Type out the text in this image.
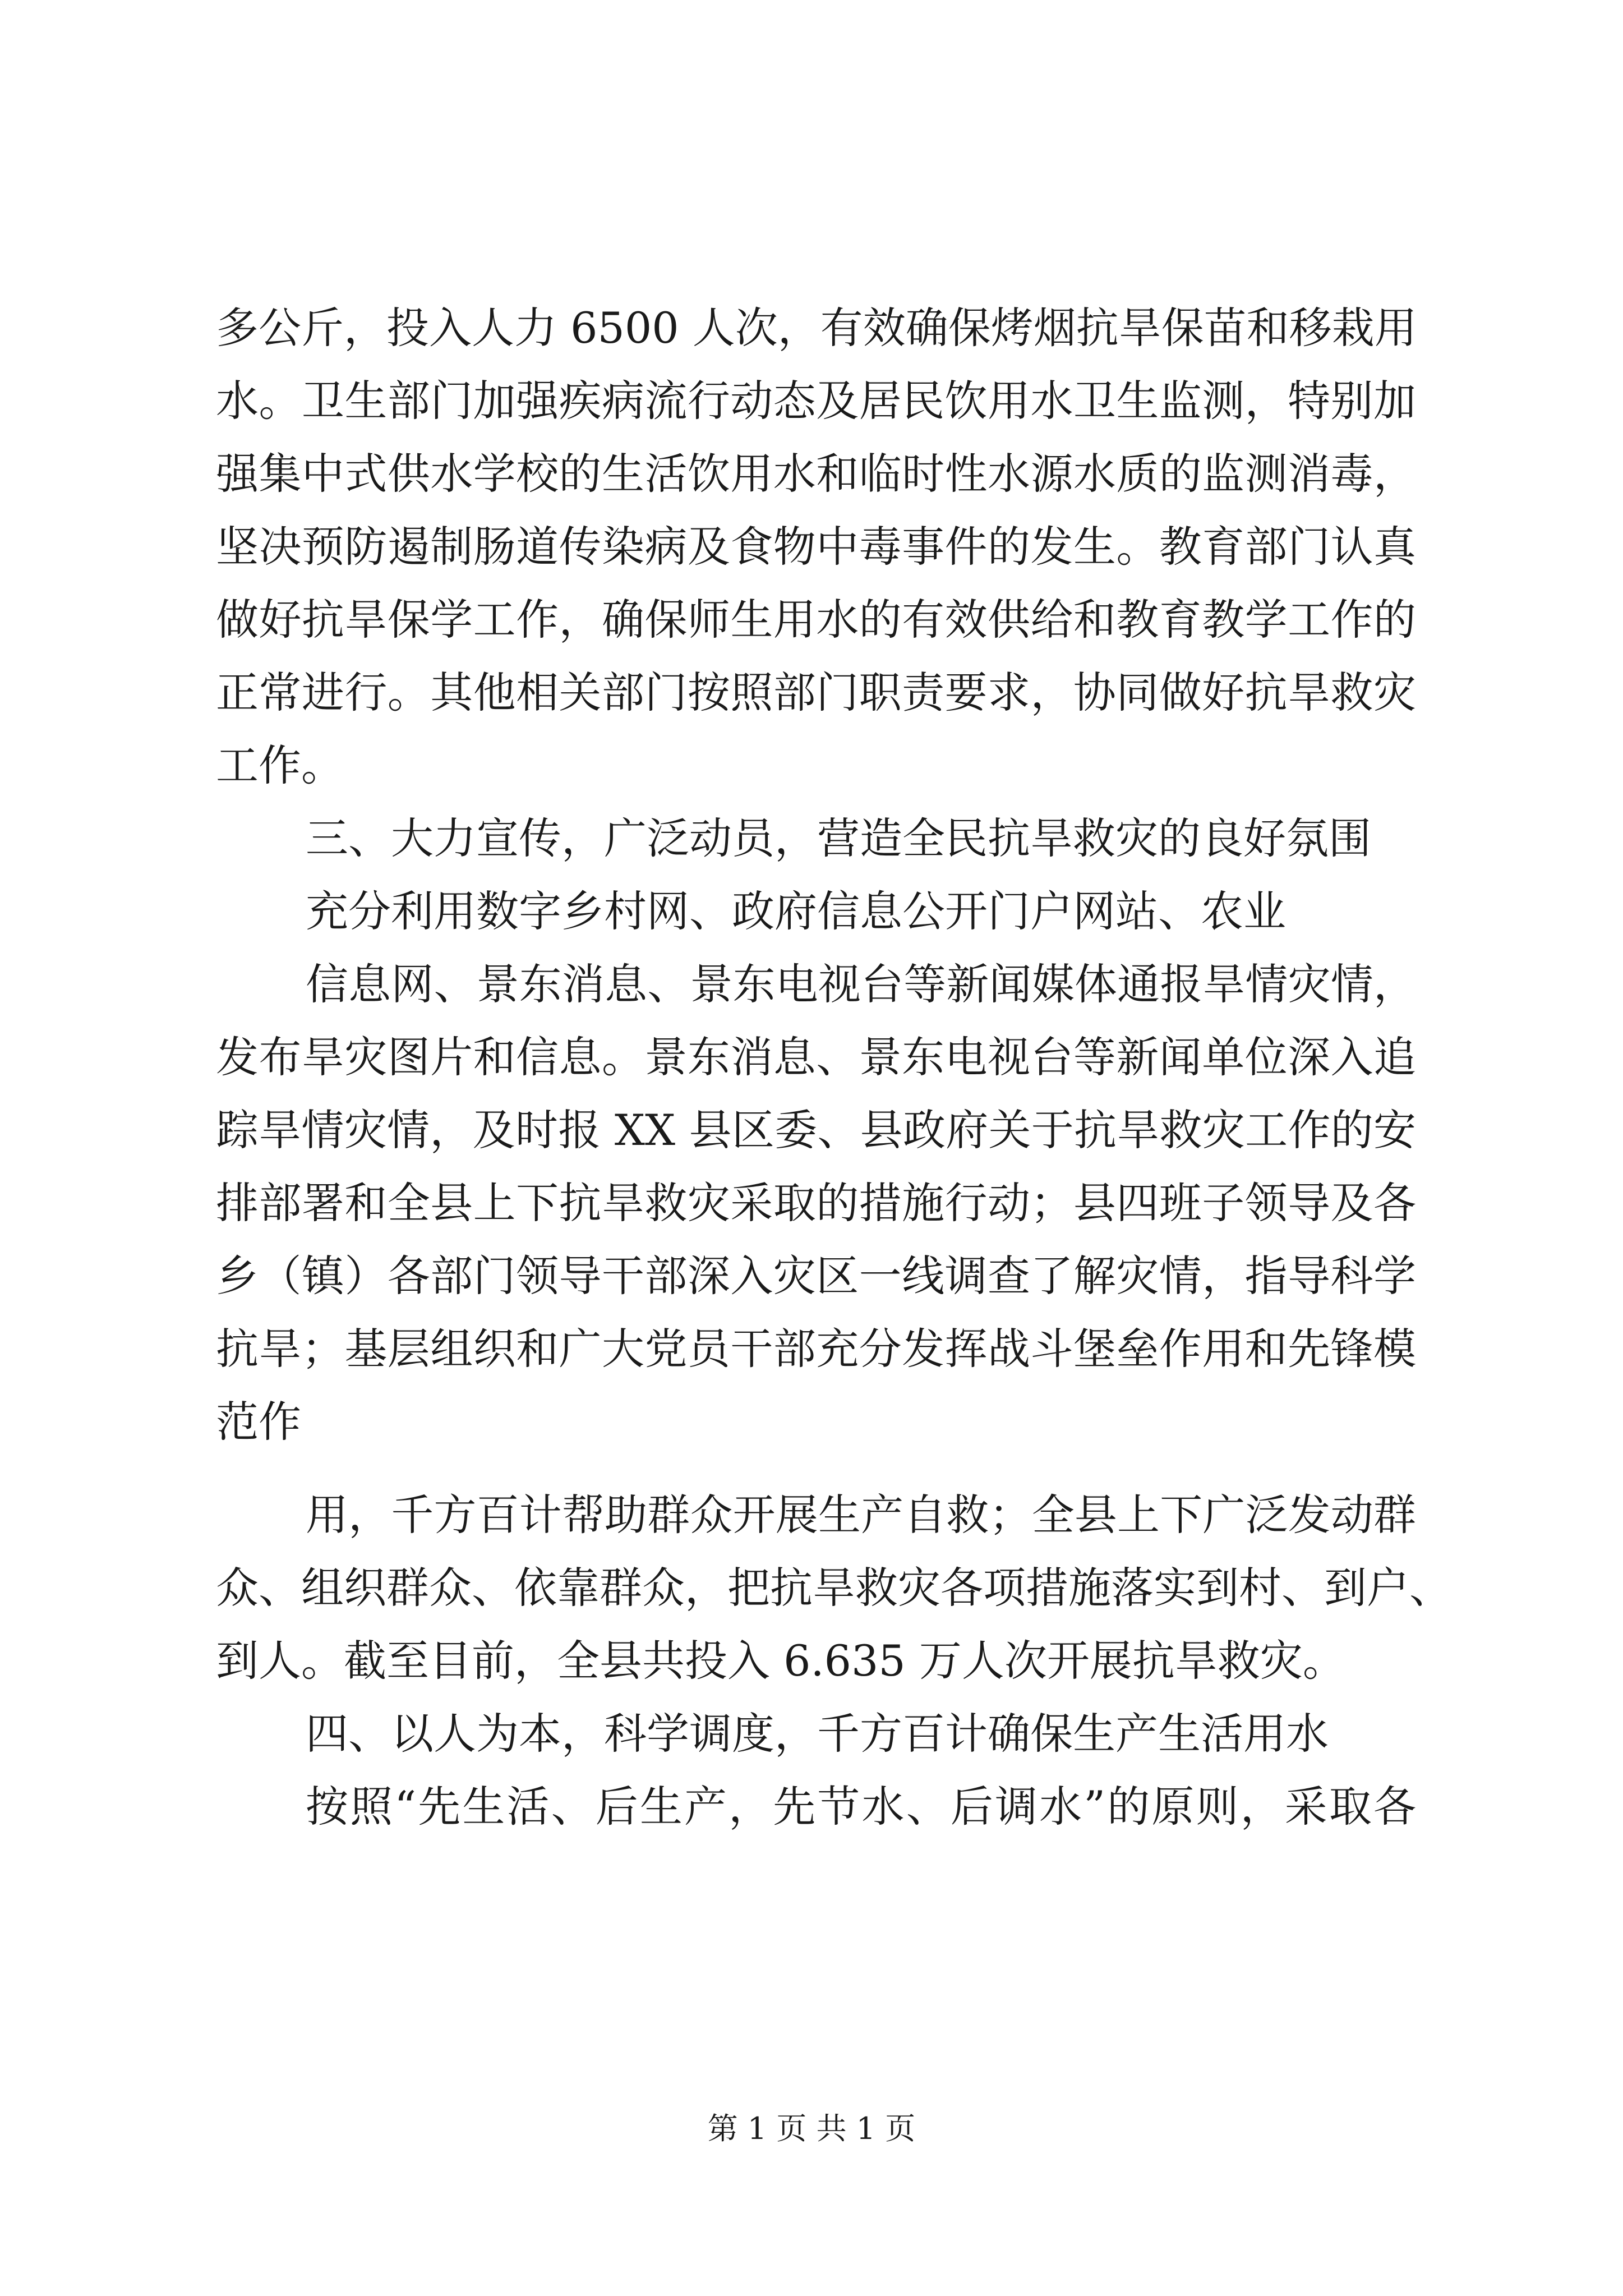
多公斤，投入人力 6500 人次，有效确保烤烟抗旱保苗和移栽用
水。卫生部门加强疾病流行动态及居民饮用水卫生监测，特别加
强集中式供水学校的生活饮用水和临时性水源水质的监测消毒，
坚决预防遏制肠道传染病及食物中毒事件的发生。教育部门认真
做好抗旱保学工作，确保师生用水的有效供给和教育教学工作的
正常进行。其他相关部门按照部门职责要求，协同做好抗旱救灾
工作。
三、大力宣传，广泛动员，营造全民抗旱救灾的良好氛围
充分利用数字乡村网、政府信息公开门户网站、农业
信息网、景东消息、景东电视台等新闻媒体通报旱情灾情，
发布旱灾图片和信息。景东消息、景东电视台等新闻单位深入追
踪旱情灾情，及时报 XX 县区委、县政府关于抗旱救灾工作的安
排部署和全县上下抗旱救灾采取的措施行动；县四班子领导及各
乡（镇）各部门领导干部深入灾区一线调查了解灾情，指导科学
抗旱；基层组织和广大党员干部充分发挥战斗堡垒作用和先锋模
范作
用，千方百计帮助群众开展生产自救；全县上下广泛发动群
众、组织群众、依靠群众，把抗旱救灾各项措施落实到村、到户、
到人。截至目前，全县共投入 6.635 万人次开展抗旱救灾。
四、以人为本，科学调度，千方百计确保生产生活用水
按照“先生活、后生产，先节水、后调水”的原则，采取各
第 1 页 共 1 页
